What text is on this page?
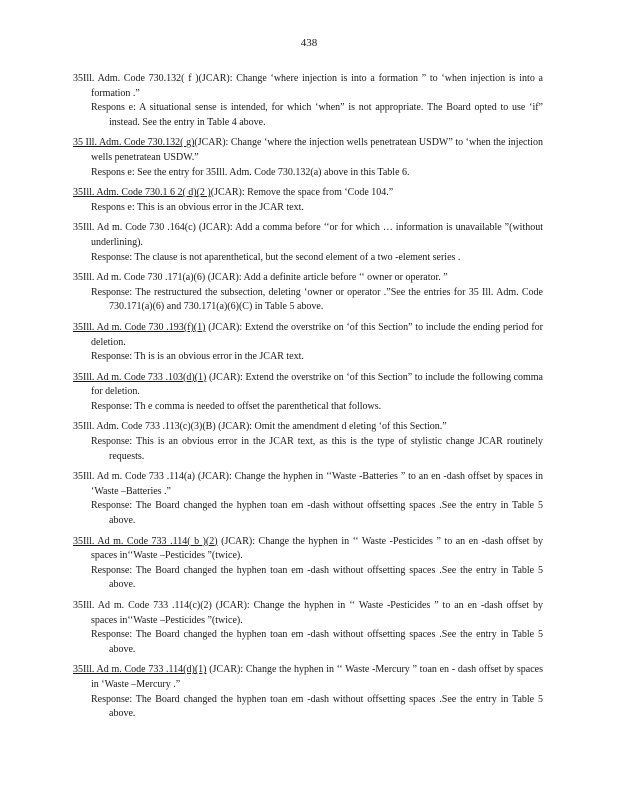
438
35Ill. Adm. Code 730.132( f )(JCAR): Change ‘where injection is into a formation ” to ‘when injection is into a formation .”
Respons e: A situational sense is intended, for which ‘when” is not appropriate. The Board opted to use ‘if” instead. See the entry in Table 4 above.
35 Ill. Adm. Code 730.132( g)(JCAR): Change ‘where the injection wells penetratean USDW” to ‘when the injection wells penetratean USDW.”
Respons e: See the entry for 35Ill. Adm. Code 730.132(a) above in this Table 6.
35Ill. Adm. Code 730.1 6 2( d)(2 )(JCAR): Remove the space from ‘Code 104.”
Respons e: This is an obvious error in the JCAR text.
35Ill. Ad m. Code 730 .164(c) (JCAR): Add a comma before ‘‘or for which … information is unavailable ”(without underlining).
Response: The clause is not aparenthetical, but the second element of a two -element series .
35Ill. Ad m. Code 730 .171(a)(6) (JCAR): Add a definite article before ‘‘ owner or operator. ”
Response: The restructured the subsection, deleting ‘owner or operator .”See the entries for 35 Ill. Adm. Code 730.171(a)(6) and 730.171(a)(6)(C) in Table 5 above.
35Ill. Ad m. Code 730 .193(f)(1) (JCAR): Extend the overstrike on ‘of this Section” to include the ending period for deletion.
Response: Th is is an obvious error in the JCAR text.
35Ill. Ad m. Code 733 .103(d)(1) (JCAR): Extend the overstrike on ‘of this Section” to include the following comma for deletion.
Response: Th e comma is needed to offset the parenthetical that follows.
35Ill. Adm. Code 733 .113(c)(3)(B) (JCAR): Omit the amendment d eleting ‘of this Section.”
Response: This is an obvious error in the JCAR text, as this is the type of stylistic change JCAR routinely requests.
35Ill. Ad m. Code 733 .114(a) (JCAR): Change the hyphen in ‘‘Waste -Batteries ” to an en -dash offset by spaces in ‘Waste –Batteries .”
Response: The Board changed the hyphen toan em -dash without offsetting spaces .See the entry in Table 5 above.
35Ill. Ad m. Code 733 .114( b )(2) (JCAR): Change the hyphen in ‘‘ Waste -Pesticides ” to an en -dash offset by spaces in‘‘Waste –Pesticides ”(twice).
Response: The Board changed the hyphen toan em -dash without offsetting spaces .See the entry in Table 5 above.
35Ill. Ad m. Code 733 .114(c)(2) (JCAR): Change the hyphen in ‘‘ Waste -Pesticides ” to an en -dash offset by spaces in‘‘Waste –Pesticides ”(twice).
Response: The Board changed the hyphen toan em -dash without offsetting spaces .See the entry in Table 5 above.
35Ill. Ad m. Code 733 .114(d)(1) (JCAR): Change the hyphen in ‘‘ Waste -Mercury ” toan en - dash offset by spaces in ‘Waste –Mercury .”
Response: The Board changed the hyphen toan em -dash without offsetting spaces .See the entry in Table 5 above.
